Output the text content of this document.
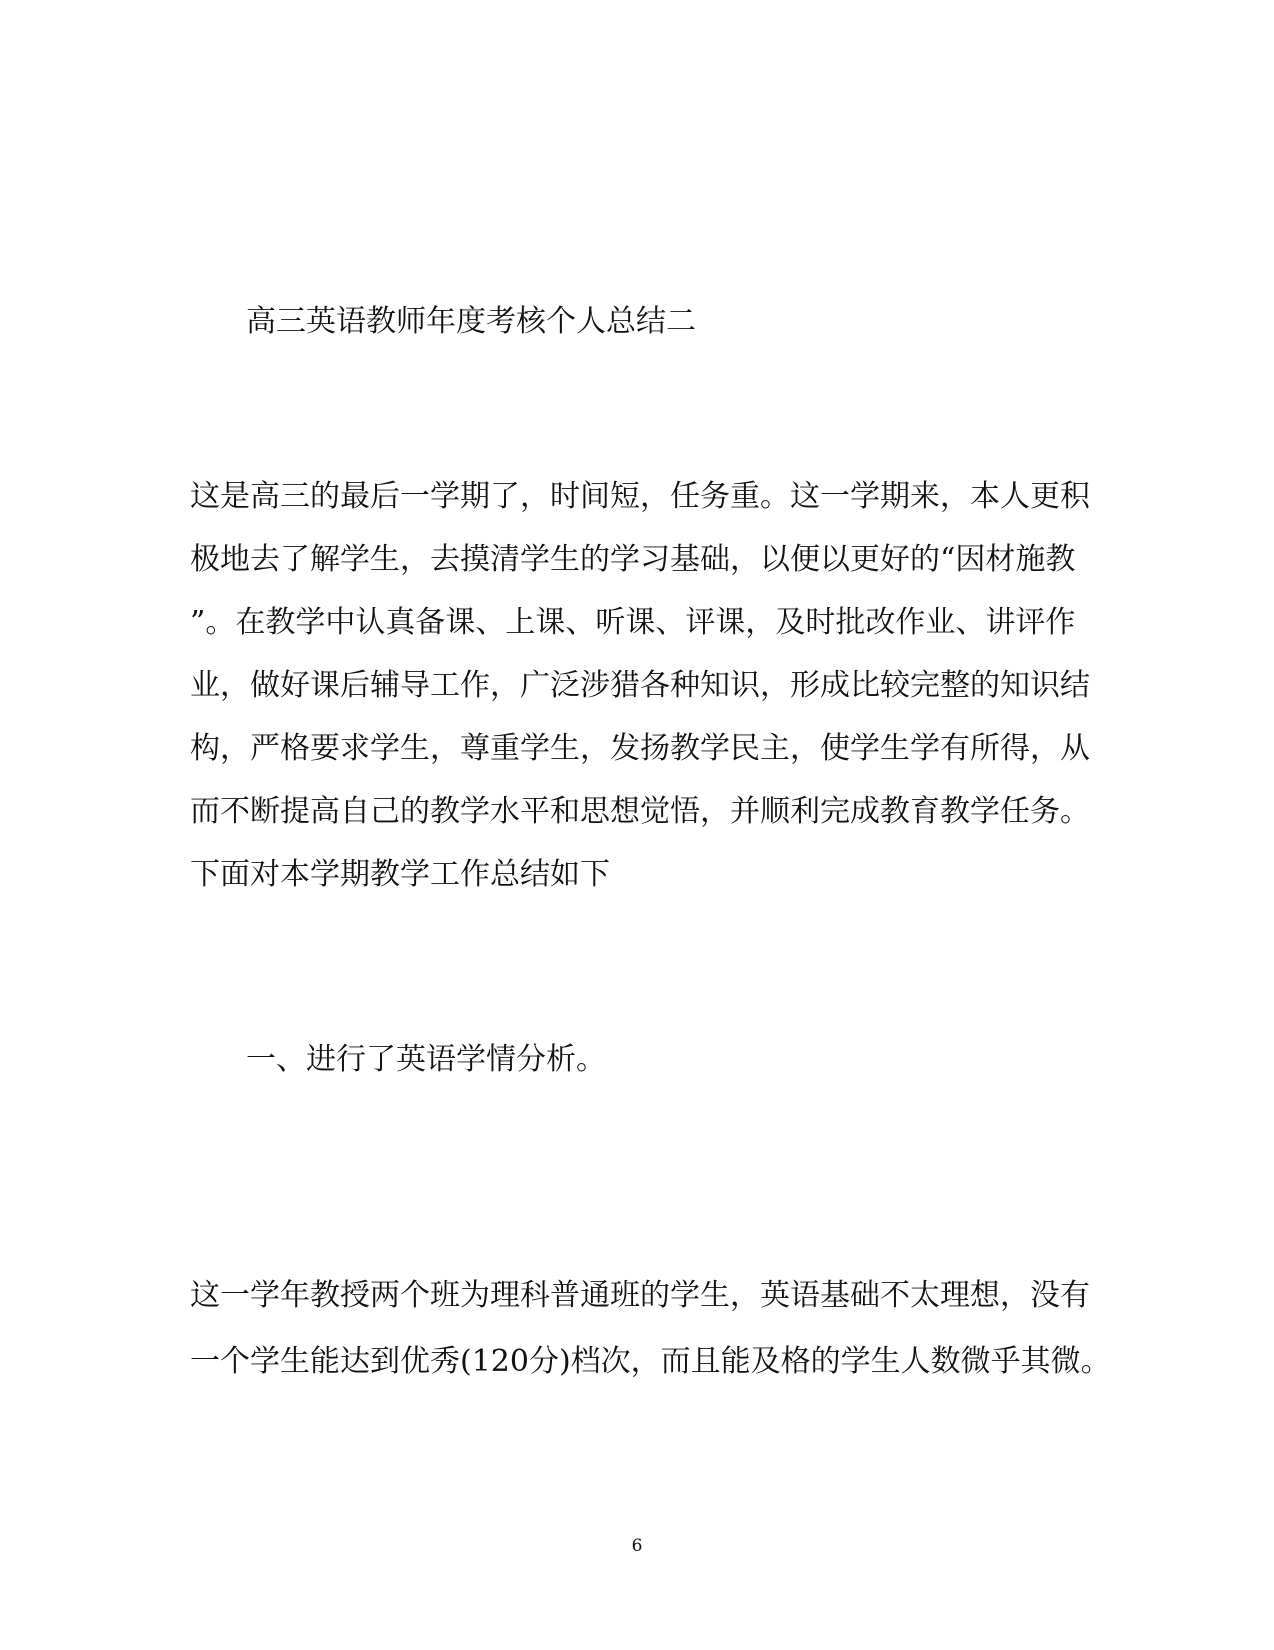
高三英语教师年度考核个人总结二
这是高三的最后一学期了，时间短，任务重。这一学期来，本人更积
极地去了解学生，去摸清学生的学习基础，以便以更好的“因材施教
”。在教学中认真备课、上课、听课、评课，及时批改作业、讲评作
业，做好课后辅导工作，广泛涉猎各种知识，形成比较完整的知识结
构，严格要求学生，尊重学生，发扬教学民主，使学生学有所得，从
而不断提高自己的教学水平和思想觉悟，并顺利完成教育教学任务。
下面对本学期教学工作总结如下
一、进行了英语学情分析。
这一学年教授两个班为理科普通班的学生，英语基础不太理想，没有
一个学生能达到优秀(120分)档次，而且能及格的学生人数微乎其微。
6
